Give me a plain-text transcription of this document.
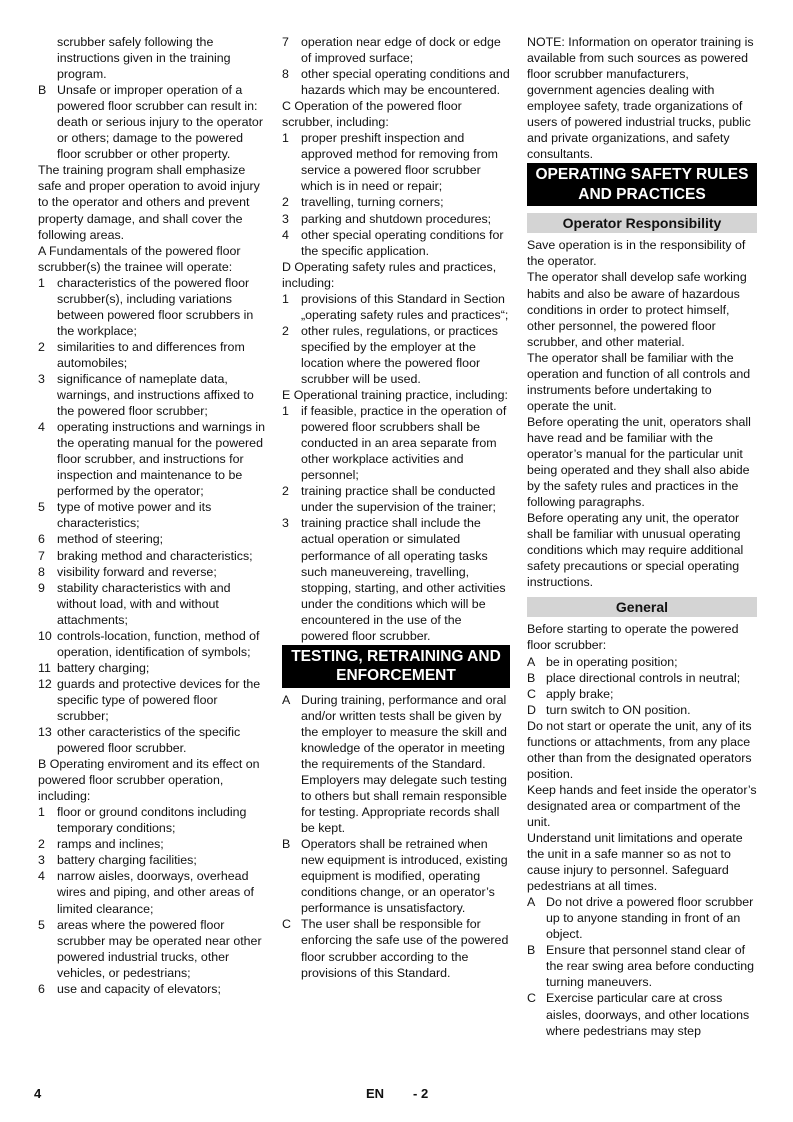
scrubber safely following the instructions given in the training program.
B Unsafe or improper operation of a powered floor scrubber can result in: death or serious injury to the operator or others; damage to the powered floor scrubber or other property.
The training program shall emphasize safe and proper operation to avoid injury to the operator and others and prevent property damage, and shall cover the following areas.
A Fundamentals of the powered floor scrubber(s) the trainee will operate:
1 characteristics of the powered floor scrubber(s), including variations between powered floor scrubbers in the workplace;
2 similarities to and differences from automobiles;
3 significance of nameplate data, warnings, and instructions affixed to the powered floor scrubber;
4 operating instructions and warnings in the operating manual for the powered floor scrubber, and instructions for inspection and maintenance to be performed by the operator;
5 type of motive power and its characteristics;
6 method of steering;
7 braking method and characteristics;
8 visibility forward and reverse;
9 stability characteristics with and without load, with and without attachments;
10 controls-location, function, method of operation, identification of symbols;
11 battery charging;
12 guards and protective devices for the specific type of powered floor scrubber;
13 other caracteristics of the specific powered floor scrubber.
B Operating enviroment and its effect on powered floor scrubber operation, including:
1 floor or ground conditons including temporary conditions;
2 ramps and inclines;
3 battery charging facilities;
4 narrow aisles, doorways, overhead wires and piping, and other areas of limited clearance;
5 areas where the powered floor scrubber may be operated near other powered industrial trucks, other vehicles, or pedestrians;
6 use and capacity of elevators;
7 operation near edge of dock or edge of improved surface;
8 other special operating conditions and hazards which may be encountered.
C Operation of the powered floor scrubber, including:
1 proper preshift inspection and approved method for removing from service a powered floor scrubber which is in need or repair;
2 travelling, turning corners;
3 parking and shutdown procedures;
4 other special operating conditions for the specific application.
D Operating safety rules and practices, including:
1 provisions of this Standard in Section „operating safety rules and practices“;
2 other rules, regulations, or practices specified by the employer at the location where the powered floor scrubber will be used.
E Operational training practice, including:
1 if feasible, practice in the operation of powered floor scrubbers shall be conducted in an area separate from other workplace activities and personnel;
2 training practice shall be conducted under the supervision of the trainer;
3 training practice shall include the actual operation or simulated performance of all operating tasks such maneuvereing, travelling, stopping, starting, and other activities under the conditions which will be encountered in the use of the powered floor scrubber.
TESTING, RETRAINING AND ENFORCEMENT
A During training, performance and oral and/or written tests shall be given by the employer to measure the skill and knowledge of the operator in meeting the requirements of the Standard. Employers may delegate such testing to others but shall remain responsible for testing. Appropriate records shall be kept.
B Operators shall be retrained when new equipment is introduced, existing equipment is modified, operating conditions change, or an operator’s performance is unsatisfactory.
C The user shall be responsible for enforcing the safe use of the powered floor scrubber according to the provisions of this Standard.
NOTE: Information on operator training is available from such sources as powered floor scrubber manufacturers, government agencies dealing with employee safety, trade organizations of users of powered industrial trucks, public and private organizations, and safety consultants.
OPERATING SAFETY RULES AND PRACTICES
Operator Responsibility
Save operation is in the responsibility of the operator.
The operator shall develop safe working habits and also be aware of hazardous conditions in order to protect himself, other personnel, the powered floor scrubber, and other material.
The operator shall be familiar with the operation and function of all controls and instruments before undertaking to operate the unit.
Before operating the unit, operators shall have read and be familiar with the operator’s manual for the particular unit being operated and they shall also abide by the safety rules and practices in the following paragraphs.
Before operating any unit, the operator shall be familiar with unusual operating conditions which may require additional safety precautions or special operating instructions.
General
Before starting to operate the powered floor scrubber:
A be in operating position;
B place directional controls in neutral;
C apply brake;
D turn switch to ON position.
Do not start or operate the unit, any of its functions or attachments, from any place other than from the designated operators position.
Keep hands and feet inside the operator’s designated area or compartment of the unit.
Understand unit limitations and operate the unit in a safe manner so as not to cause injury to personnel. Safeguard pedestrians at all times.
A Do not drive a powered floor scrubber up to anyone standing in front of an object.
B Ensure that personnel stand clear of the rear swing area before conducting turning maneuvers.
C Exercise particular care at cross aisles, doorways, and other locations where pedestrians may step
4	EN - 2
